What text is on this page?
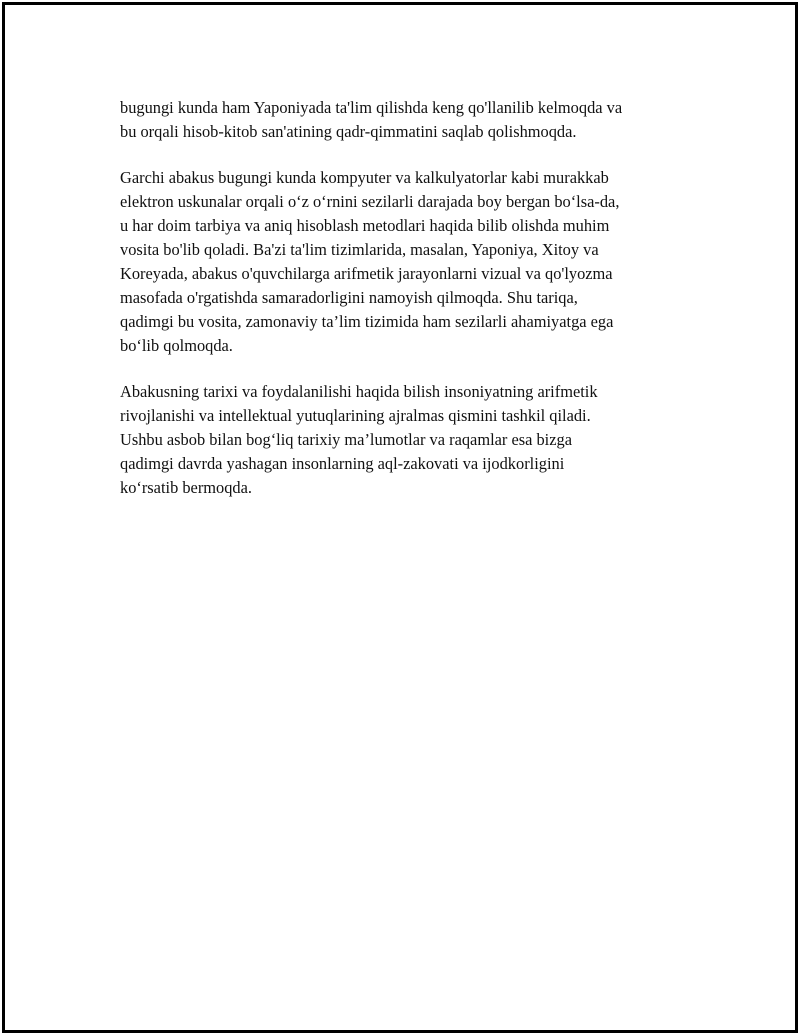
bugungi kunda ham Yaponiyada ta'lim qilishda keng qo'llanilib kelmoqda va
bu orqali hisob-kitob san'atining qadr-qimmatini saqlab qolishmoqda.

Garchi abakus bugungi kunda kompyuter va kalkulyatorlar kabi murakkab
elektron uskunalar orqali o‘z o‘rnini sezilarli darajada boy bergan bo‘lsa-da,
u har doim tarbiya va aniq hisoblash metodlari haqida bilib olishda muhim
vosita bo'lib qoladi. Ba'zi ta'lim tizimlarida, masalan, Yaponiya, Xitoy va
Koreyada, abakus o'quvchilarga arifmetik jarayonlarni vizual va qo'lyozma
masofada o'rgatishda samaradorligini namoyish qilmoqda. Shu tariqa,
qadimgi bu vosita, zamonaviy ta’lim tizimida ham sezilarli ahamiyatga ega
bo‘lib qolmoqda.

Abakusning tarixi va foydalanilishi haqida bilish insoniyatning arifmetik
rivojlanishi va intellektual yutuqlarining ajralmas qismini tashkil qiladi.
Ushbu asbob bilan bog‘liq tarixiy ma’lumotlar va raqamlar esa bizga
qadimgi davrda yashagan insonlarning aql-zakovati va ijodkorligini
ko‘rsatib bermoqda.
